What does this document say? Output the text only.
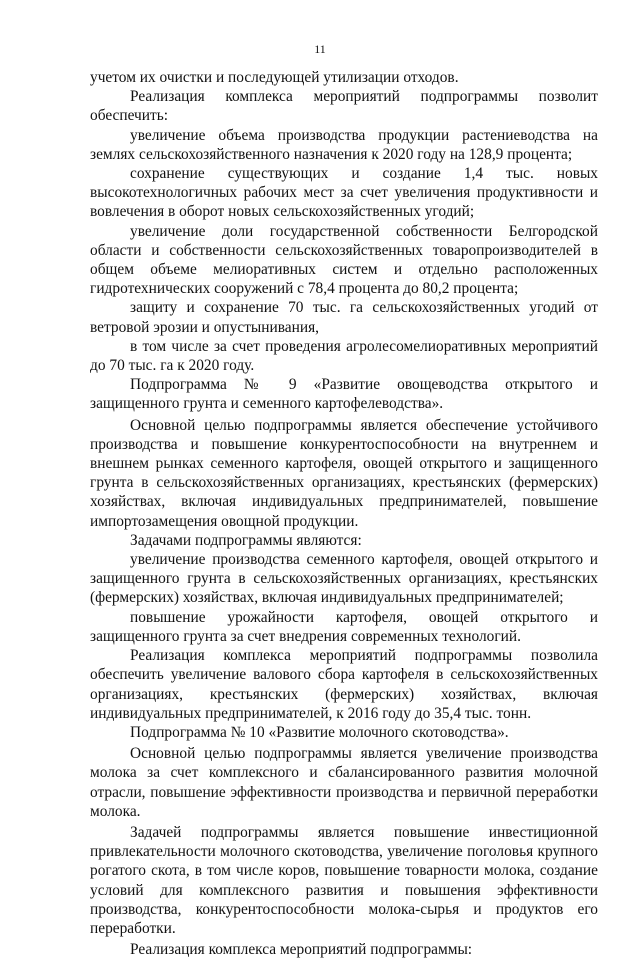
11

учетом их очистки и последующей утилизации отходов.

Реализация комплекса мероприятий подпрограммы позволит обеспечить:

увеличение объема производства продукции растениеводства на землях сельскохозяйственного назначения к 2020 году на 128,9 процента;

сохранение существующих и создание 1,4 тыс. новых высокотехнологичных рабочих мест за счет увеличения продуктивности и вовлечения в оборот новых сельскохозяйственных угодий;

увеличение доли государственной собственности Белгородской области и собственности сельскохозяйственных товаропроизводителей в общем объеме мелиоративных систем и отдельно расположенных гидротехнических сооружений с 78,4 процента до 80,2 процента;

защиту и сохранение 70 тыс. га сельскохозяйственных угодий от ветровой эрозии и опустынивания,

в том числе за счет проведения агролесомелиоративных мероприятий до 70 тыс. га к 2020 году.

Подпрограмма № 9 «Развитие овощеводства открытого и защищенного грунта и семенного картофелеводства».

Основной целью подпрограммы является обеспечение устойчивого производства и повышение конкурентоспособности на внутреннем и внешнем рынках семенного картофеля, овощей открытого и защищенного грунта в сельскохозяйственных организациях, крестьянских (фермерских) хозяйствах, включая индивидуальных предпринимателей, повышение импортозамещения овощной продукции.

Задачами подпрограммы являются:

увеличение производства семенного картофеля, овощей открытого и защищенного грунта в сельскохозяйственных организациях, крестьянских (фермерских) хозяйствах, включая индивидуальных предпринимателей;

повышение урожайности картофеля, овощей открытого и защищенного грунта за счет внедрения современных технологий.

Реализация комплекса мероприятий подпрограммы позволила обеспечить увеличение валового сбора картофеля в сельскохозяйственных организациях, крестьянских (фермерских) хозяйствах, включая индивидуальных предпринимателей, к 2016 году до 35,4 тыс. тонн.

Подпрограмма № 10 «Развитие молочного скотоводства».

Основной целью подпрограммы является увеличение производства молока за счет комплексного и сбалансированного развития молочной отрасли, повышение эффективности производства и первичной переработки молока.

Задачей подпрограммы является повышение инвестиционной привлекательности молочного скотоводства, увеличение поголовья крупного рогатого скота, в том числе коров, повышение товарности молока, создание условий для комплексного развития и повышения эффективности производства, конкурентоспособности молока-сырья и продуктов его переработки.

Реализация комплекса мероприятий подпрограммы:
